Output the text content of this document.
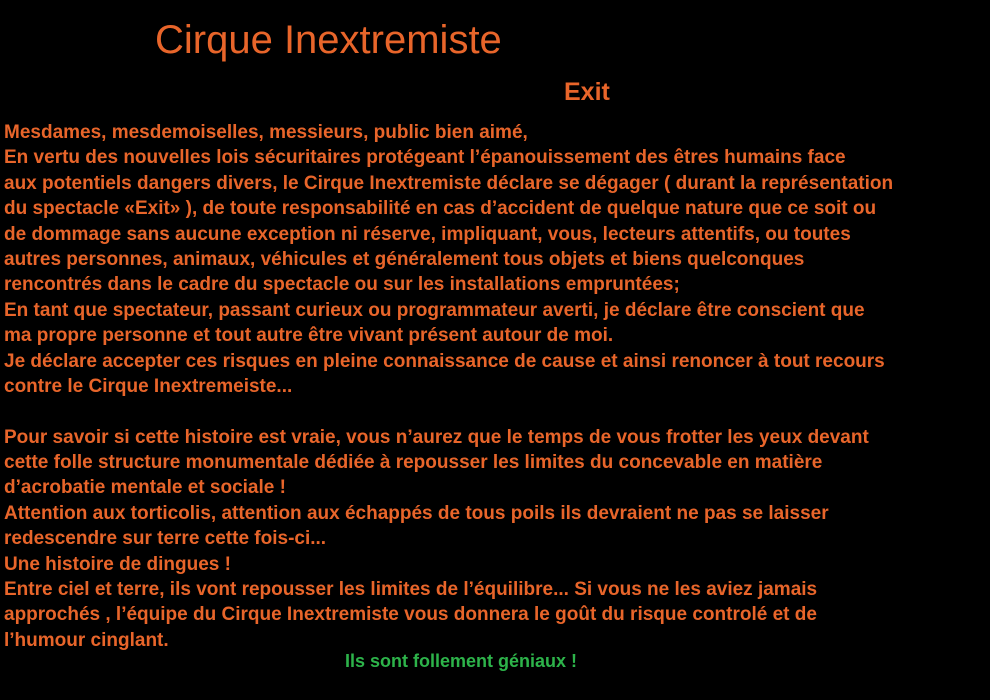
Cirque Inextremiste
Exit
Mesdames, mesdemoiselles, messieurs, public bien aimé,
En vertu des nouvelles lois sécuritaires protégeant l’épanouissement des êtres humains face
aux potentiels dangers divers, le Cirque Inextremiste déclare se dégager ( durant la représentation
du spectacle «Exit» ), de toute responsabilité en cas d’accident de quelque nature que ce soit ou
de dommage sans aucune exception ni réserve, impliquant, vous, lecteurs attentifs, ou toutes
autres personnes, animaux, véhicules et généralement tous objets et biens quelconques
rencontrés dans le cadre du spectacle ou sur les installations empruntées;
En tant que spectateur, passant curieux ou programmateur averti, je déclare être conscient que
ma propre personne et tout autre être vivant présent autour de moi.
Je déclare accepter ces risques en pleine connaissance de cause et ainsi renoncer à tout recours
contre le Cirque Inextremeiste...
Pour savoir si cette histoire est vraie, vous n’aurez que le temps de vous frotter les yeux devant
cette folle structure monumentale dédiée à repousser les limites du concevable en matière
d’acrobatie mentale et sociale !
Attention aux torticolis, attention aux échappés de tous poils ils devraient ne pas se laisser
redescendre sur terre cette fois-ci...
Une histoire de dingues !
Entre ciel et terre, ils vont repousser les limites de l’équilibre... Si vous ne les aviez jamais
approchés , l’équipe du Cirque Inextremiste vous donnera le goût du risque controlé et de
l’humour cinglant.

Ils sont follement géniaux !
